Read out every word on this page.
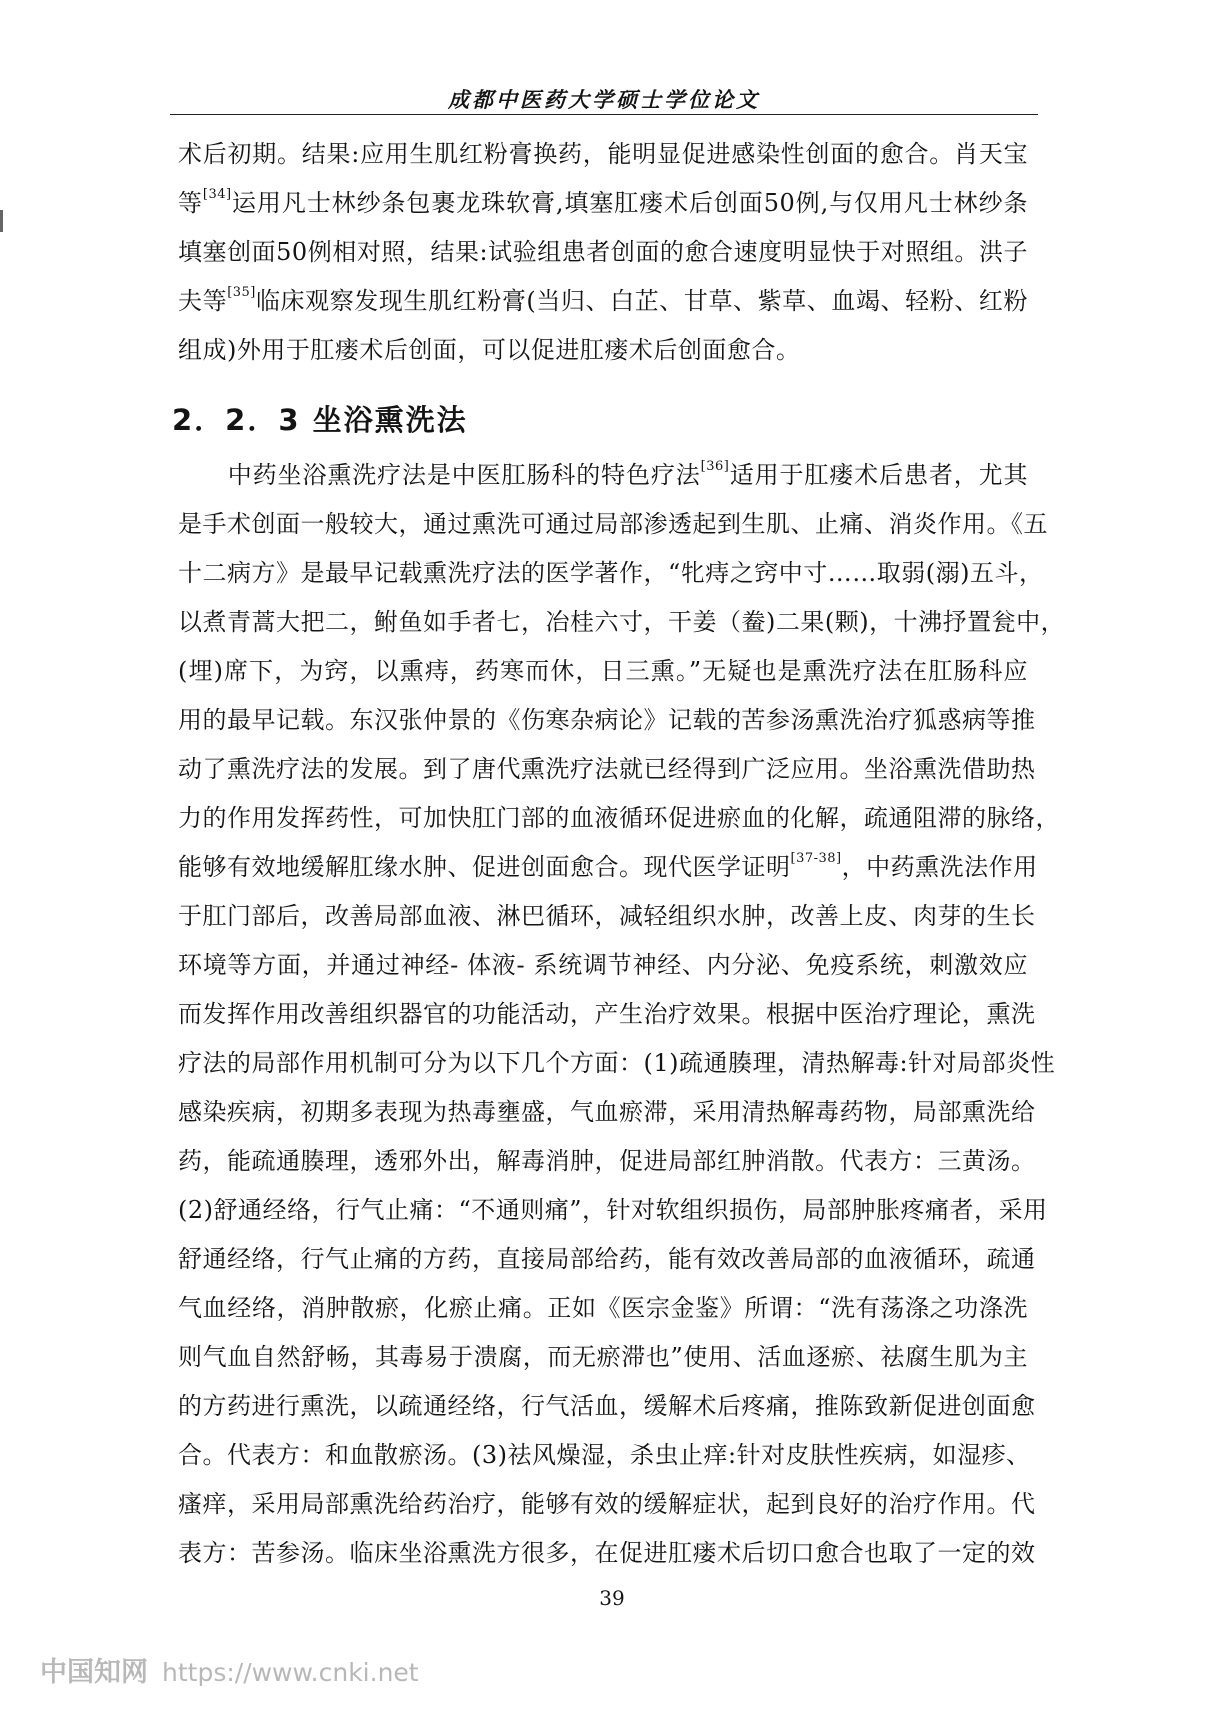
成都中医药大学硕士学位论文
术后初期。结果:应用生肌红粉膏换药，能明显促进感染性创面的愈合。肖天宝
等[34]运用凡士林纱条包裹龙珠软膏,填塞肛瘘术后创面50例,与仅用凡士林纱条
填塞创面50例相对照，结果:试验组患者创面的愈合速度明显快于对照组。洪子
夫等[35]临床观察发现生肌红粉膏(当归、白芷、甘草、紫草、血竭、轻粉、红粉
组成)外用于肛瘘术后创面，可以促进肛瘘术后创面愈合。
2．2．3 坐浴熏洗法
　　中药坐浴熏洗疗法是中医肛肠科的特色疗法[36]适用于肛瘘术后患者，尤其
是手术创面一般较大，通过熏洗可通过局部渗透起到生肌、止痛、消炎作用。《五
十二病方》是最早记载熏洗疗法的医学著作，“牝痔之窍中寸……取弱(溺)五斗，
以煮青蒿大把二，鲋鱼如手者七，冶桂六寸，干姜（鲞)二果(颗)，十沸抒置瓮中，
(埋)席下，为窍，以熏痔，药寒而休，日三熏。”无疑也是熏洗疗法在肛肠科应
用的最早记载。东汉张仲景的《伤寒杂病论》记载的苦参汤熏洗治疗狐惑病等推
动了熏洗疗法的发展。到了唐代熏洗疗法就已经得到广泛应用。坐浴熏洗借助热
力的作用发挥药性，可加快肛门部的血液循环促进瘀血的化解，疏通阻滞的脉络，
能够有效地缓解肛缘水肿、促进创面愈合。现代医学证明[37-38]，中药熏洗法作用
于肛门部后，改善局部血液、淋巴循环，减轻组织水肿，改善上皮、肉芽的生长
环境等方面，并通过神经- 体液- 系统调节神经、内分泌、免疫系统，刺激效应
而发挥作用改善组织器官的功能活动，产生治疗效果。根据中医治疗理论，熏洗
疗法的局部作用机制可分为以下几个方面：(1)疏通腠理，清热解毒:针对局部炎性
感染疾病，初期多表现为热毒壅盛，气血瘀滞，采用清热解毒药物，局部熏洗给
药，能疏通腠理，透邪外出，解毒消肿，促进局部红肿消散。代表方：三黄汤。
(2)舒通经络，行气止痛：“不通则痛”，针对软组织损伤，局部肿胀疼痛者，采用
舒通经络，行气止痛的方药，直接局部给药，能有效改善局部的血液循环，疏通
气血经络，消肿散瘀，化瘀止痛。正如《医宗金鉴》所谓：“洗有荡涤之功涤洗
则气血自然舒畅，其毒易于溃腐，而无瘀滞也”使用、活血逐瘀、祛腐生肌为主
的方药进行熏洗，以疏通经络，行气活血，缓解术后疼痛，推陈致新促进创面愈
合。代表方：和血散瘀汤。(3)祛风燥湿，杀虫止痒:针对皮肤性疾病，如湿疹、
瘙痒，采用局部熏洗给药治疗，能够有效的缓解症状，起到良好的治疗作用。代
表方：苦参汤。临床坐浴熏洗方很多，在促进肛瘘术后切口愈合也取了一定的效
39
中国知网 https://www.cnki.net
